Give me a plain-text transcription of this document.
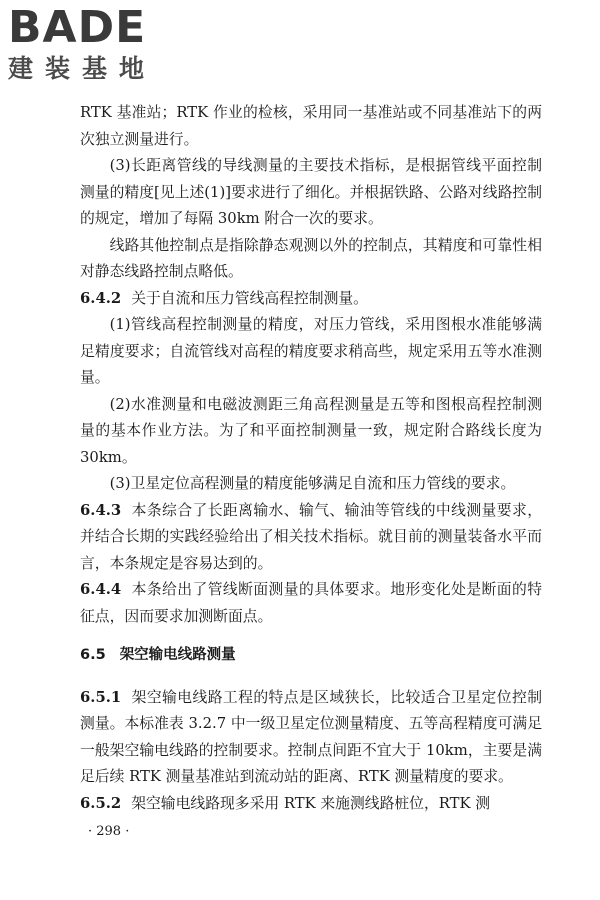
BADE
建装基地

RTK 基准站；RTK 作业的检核，采用同一基准站或不同基准站下的两次独立测量进行。

(3)长距离管线的导线测量的主要技术指标，是根据管线平面控制测量的精度[见上述(1)]要求进行了细化。并根据铁路、公路对线路控制的规定，增加了每隔 30km 附合一次的要求。

线路其他控制点是指除静态观测以外的控制点，其精度和可靠性相对静态线路控制点略低。

6.4.2 关于自流和压力管线高程控制测量。

(1)管线高程控制测量的精度，对压力管线，采用图根水准能够满足精度要求；自流管线对高程的精度要求稍高些，规定采用五等水准测量。

(2)水准测量和电磁波测距三角高程测量是五等和图根高程控制测量的基本作业方法。为了和平面控制测量一致，规定附合路线长度为 30km。

(3)卫星定位高程测量的精度能够满足自流和压力管线的要求。

6.4.3 本条综合了长距离输水、输气、输油等管线的中线测量要求，并结合长期的实践经验给出了相关技术指标。就目前的测量装备水平而言，本条规定是容易达到的。

6.4.4 本条给出了管线断面测量的具体要求。地形变化处是断面的特征点，因而要求加测断面点。

6.5 架空输电线路测量

6.5.1 架空输电线路工程的特点是区域狭长，比较适合卫星定位控制测量。本标准表 3.2.7 中一级卫星定位测量精度、五等高程精度可满足一般架空输电线路的控制要求。控制点间距不宜大于 10km，主要是满足后续 RTK 测量基准站到流动站的距离、RTK 测量精度的要求。

6.5.2 架空输电线路现多采用 RTK 来施测线路桩位，RTK 测

· 298 ·
